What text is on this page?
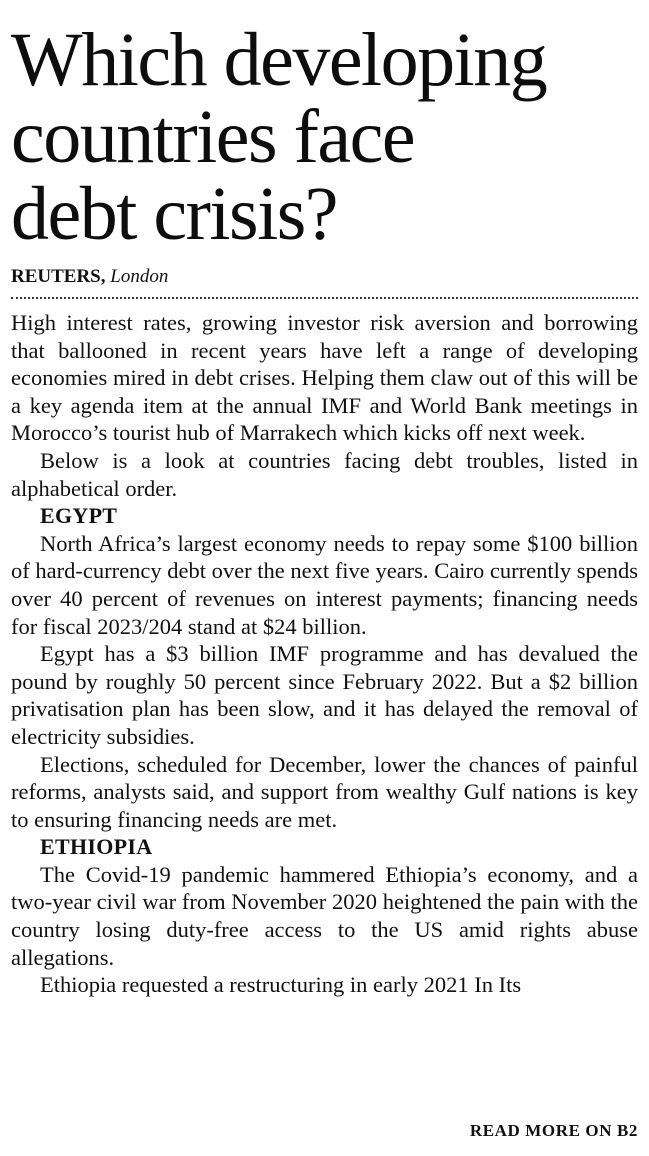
Which developing
countries face
debt crisis?
REUTERS, London

High interest rates, growing investor risk aversion and borrowing that ballooned in recent years have left a range of developing economies mired in debt crises. Helping them claw out of this will be a key agenda item at the annual IMF and World Bank meetings in Morocco’s tourist hub of Marrakech which kicks off next week.

Below is a look at countries facing debt troubles, listed in alphabetical order.

EGYPT

North Africa’s largest economy needs to repay some $100 billion of hard-currency debt over the next five years. Cairo currently spends over 40 percent of revenues on interest payments; financing needs for fiscal 2023/204 stand at $24 billion.

Egypt has a $3 billion IMF programme and has devalued the pound by roughly 50 percent since February 2022. But a $2 billion privatisation plan has been slow, and it has delayed the removal of electricity subsidies.

Elections, scheduled for December, lower the chances of painful reforms, analysts said, and support from wealthy Gulf nations is key to ensuring financing needs are met.

ETHIOPIA

The Covid-19 pandemic hammered Ethiopia’s economy, and a two-year civil war from November 2020 heightened the pain with the country losing duty-free access to the US amid rights abuse allegations.

Ethiopia requested a restructuring in early 2021 In Its

READ MORE ON B2
